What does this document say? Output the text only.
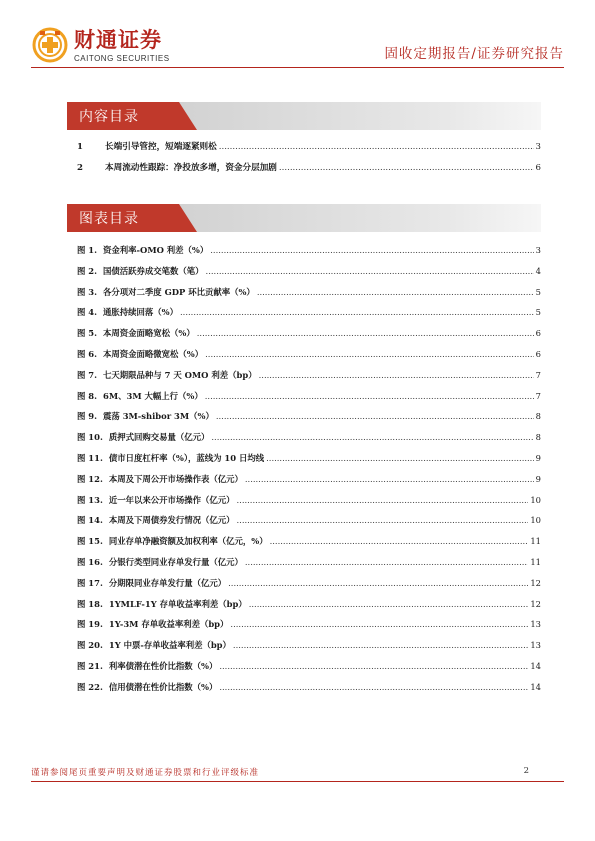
财通证券
CAITONG SECURITIES	固收定期报告/证券研究报告
内容目录
1	长端引导管控，短端逐紧则松 .....	3
2	本周流动性跟踪：净投放多增，资金分层加剧 .....	6
图表目录
图 1. 资金利率-OMO 利差（%） .....	3
图 2. 国债活跃券成交笔数（笔） .....	4
图 3. 各分项对二季度 GDP 环比贡献率（%） .....	5
图 4. 通胀持续回落（%） .....	5
图 5. 本周资金面略宽松（%） .....	6
图 6. 本周资金面略微宽松（%） .....	6
图 7. 七天期限品种与 7 天 OMO 利差（bp） .....	7
图 8. 6M、3M 大幅上行（%） .....	7
图 9. 震荡 3M-shibor 3M（%） .....	8
图 10. 质押式回购交易量（亿元） .....	8
图 11. 债市日度杠杆率（%），蓝线为 10 日均线 .....	9
图 12. 本周及下周公开市场操作表（亿元） .....	9
图 13. 近一年以来公开市场操作（亿元） .....	10
图 14. 本周及下周债券发行情况（亿元） .....	10
图 15. 同业存单净融资额及加权利率（亿元，%） .....	11
图 16. 分银行类型同业存单发行量（亿元） .....	11
图 17. 分期限同业存单发行量（亿元） .....	12
图 18. 1YMLF-1Y 存单收益率利差（bp） .....	12
图 19. 1Y-3M 存单收益率利差（bp） .....	13
图 20. 1Y 中票-存单收益率利差（bp） .....	13
图 21. 利率债潜在性价比指数（%） .....	14
图 22. 信用债潜在性价比指数（%） .....	14
谨请参阅尾页重要声明及财通证券股票和行业评级标准	2
